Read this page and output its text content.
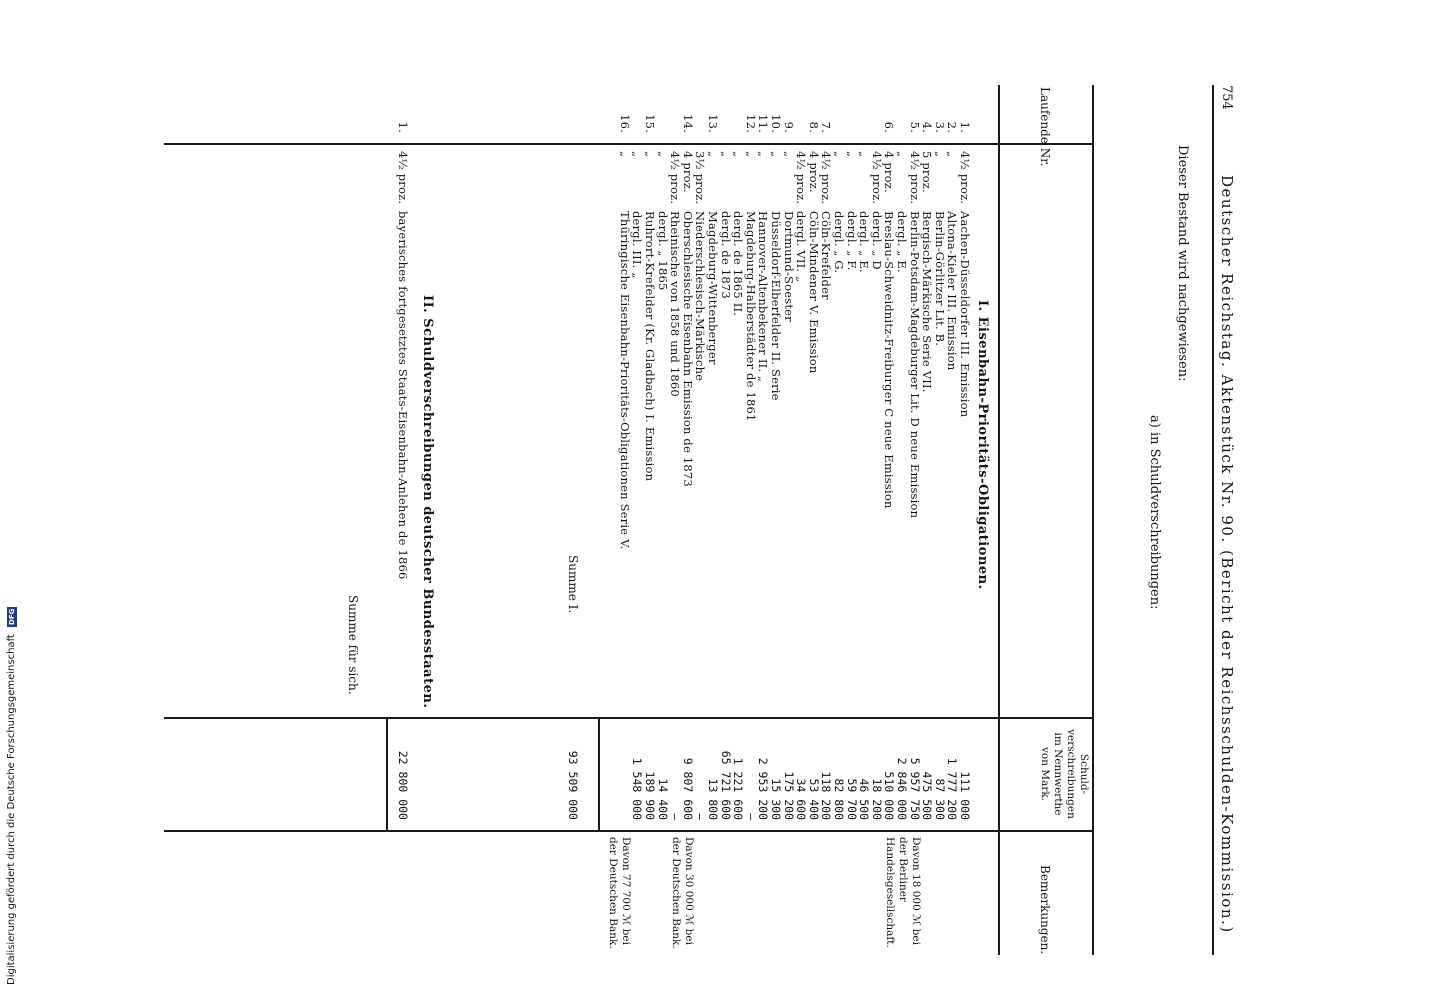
Digitalisierung gefördert durch die Deutsche Forschungsgemeinschaft DFG
754
Deutscher Reichstag. Aktenstück Nr. 90. (Bericht der Reichsschulden-Kommission.)
Dieser Bestand wird nachgewiesen:
a) in Schuldverschreibungen:
Laufende Nr.
Schuld-verschreibungen im Nennwerthe von Mark.
Bemerkungen.
I. Eisenbahn-Prioritäts-Obligationen.
1.
4½ proz.
Aachen-Düsseldorfer III. Emission
111 000
2.
„
Altona-Kieler III. Emission
1 777 200
3.
„
Berlin-Görlitzer Lit. B.
87 300
4.
5 proz.
Bergisch-Märkische Serie VII.
475 500
5.
4½ proz.
Berlin-Potsdam-Magdeburger Lit. D neue Emission
5 957 750
Davon 18 000 ℳ bei der Berliner Handelsgesellschaft.
„
dergl. „ E.
2 846 000
6.
4 proz.
Breslau-Schweidnitz-Freiburger C neue Emission
510 000
4½ proz.
dergl. „ D
18 200
„
dergl. „ E.
46 500
„
dergl. „ F.
59 700
„
dergl. „ G.
82 800
7.
4½ proz.
Cöln-Krefelder
118 200
8.
4 proz.
Cöln-Mindener V. Emission
53 400
4½ proz.
dergl. VII. „
34 600
9.
„
Dortmund-Soester
175 200
10.
„
Düsseldorf-Elberfelder II. Serie
15 300
11.
„
Hannover-Altenbekener II. „
2 953 200
12.
„
Magdeburg-Halberstädter de 1861
—
„
dergl. de 1865 II.
1 221 600
„
dergl. de 1873
65 721 600
13.
„
Magdeburg-Wittenberger
13 800
3½ proz.
Niederschlesisch-Märkische
—
14.
4 proz.
Oberschlesische Eisenbahn Emission de 1873
9 807 600
Davon 30 000 ℳ bei der Deutschen Bank.
4½ proz.
Rheinische von 1858 und 1860
—
„
dergl. „ 1865
14 400
15.
„
Ruhrort-Krefelder (Kr. Gladbach) I. Emission
189 900
„
dergl. III. „
1 548 000
16.
„
Thüringische Eisenbahn-Prioritäts-Obligationen Serie V.
Davon 77 700 ℳ bei der Deutschen Bank.
Summe I.
93 509 000
II. Schuldverschreibungen deutscher Bundesstaaten.
1.
4½ proz.
bayerisches fortgesetztes Staats-Eisenbahn-Anlehen de 1866
22 800 000
Summe für sich.
